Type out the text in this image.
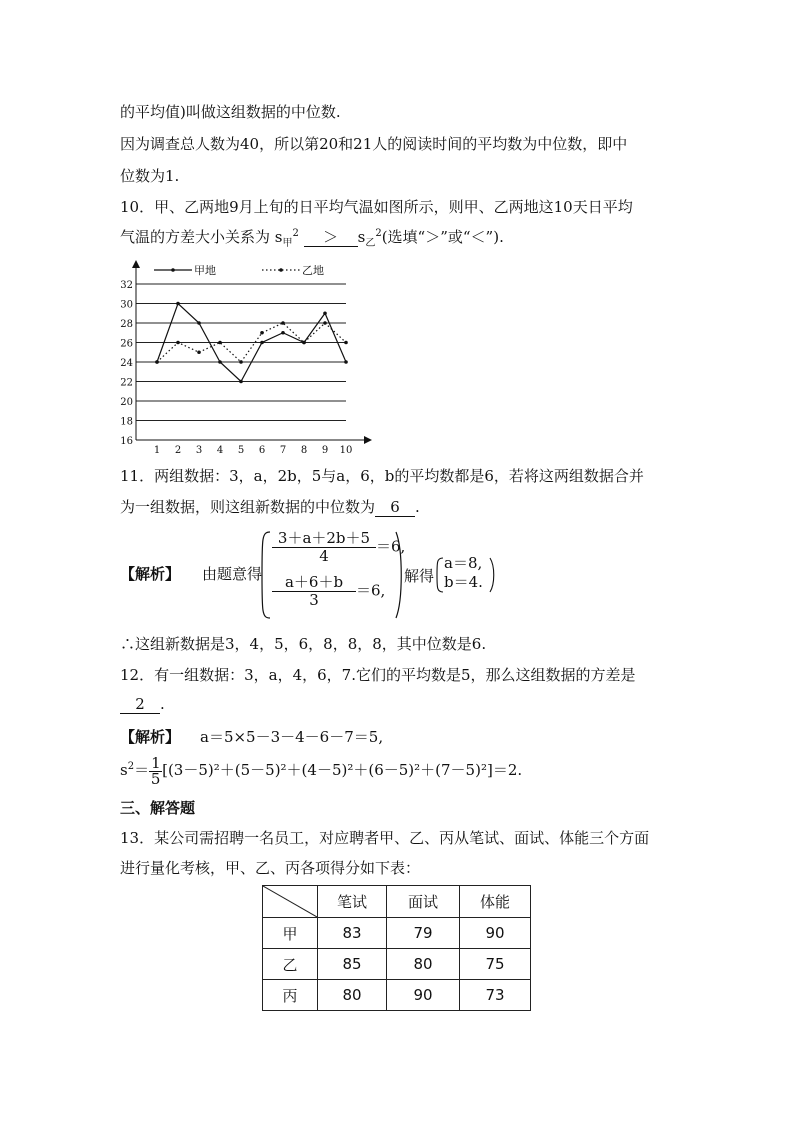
的平均值)叫做这组数据的中位数.
因为调查总人数为40，所以第20和21人的阅读时间的平均数为中位数，即中
位数为1.
10．甲、乙两地9月上旬的日平均气温如图所示，则甲、乙两地这10天日平均
气温的方差大小关系为 $s_甲^2 > s_乙^2$(选填“＞”或“＜”).
16
18
20
22
24
26
28
30
32
1 2 3 4 5 6 7 8 9 10
甲地	乙地
11．两组数据：3，a，2b，5与a，6，b的平均数都是6，若将这两组数据合并
为一组数据，则这组新数据的中位数为 6 .
【解析】 由题意得
$\frac{3+a+2b+5}{4} =6$,
$\frac{a+6+b}{3} =6$,
解得
a＝8,
b＝4.
∴这组新数据是3，4，5，6，8，8，8，其中位数是6.
12．有一组数据：3，a，4，6，7.它们的平均数是5，那么这组数据的方差是
2 .
【解析】 a＝5×5－3－4－6－7＝5,
$s^2= \frac{1}{5} [(3-5)^2+(5-5)^2+(4-5)^2+(6-5)^2+(7-5)^2]=2$.
三、解答题
13．某公司需招聘一名员工，对应聘者甲、乙、丙从笔试、面试、体能三个方面
进行量化考核，甲、乙、丙各项得分如下表：
	笔试	面试	体能
甲	83	79	90
乙	85	80	75
丙	80	90	73
